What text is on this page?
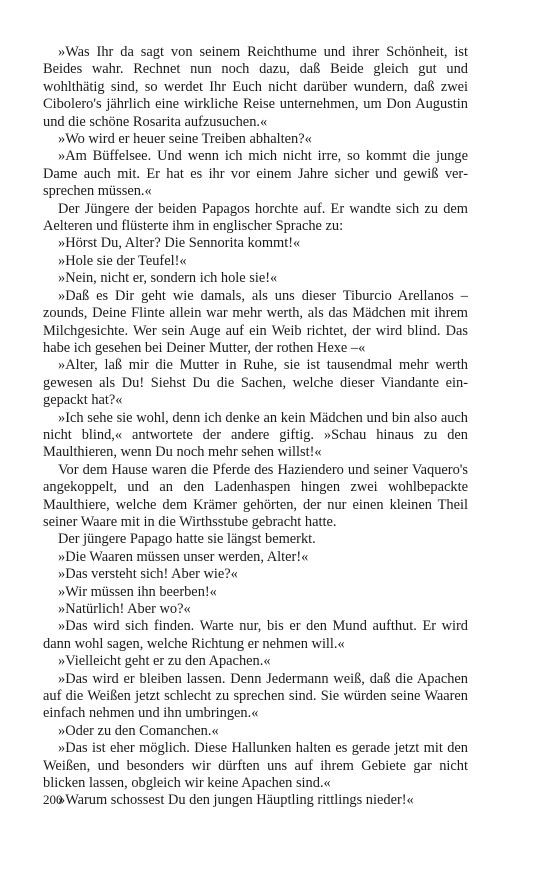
»Was Ihr da sagt von seinem Reichthume und ihrer Schönheit, ist Beides wahr. Rechnet nun noch dazu, daß Beide gleich gut und wohlthätig sind, so werdet Ihr Euch nicht darüber wundern, daß zwei Cibolero's jährlich eine wirkliche Reise unternehmen, um Don Augustin und die schöne Rosarita aufzusuchen.«

»Wo wird er heuer seine Treiben abhalten?«

»Am Büffelsee. Und wenn ich mich nicht irre, so kommt die junge Dame auch mit. Er hat es ihr vor einem Jahre sicher und gewiß versprechen müssen.«

Der Jüngere der beiden Papagos horchte auf. Er wandte sich zu dem Aelteren und flüsterte ihm in englischer Sprache zu:

»Hörst Du, Alter? Die Sennorita kommt!«

»Hole sie der Teufel!«

»Nein, nicht er, sondern ich hole sie!«

»Daß es Dir geht wie damals, als uns dieser Tiburcio Arellanos – zounds, Deine Flinte allein war mehr werth, als das Mädchen mit ihrem Milchgesichte. Wer sein Auge auf ein Weib richtet, der wird blind. Das habe ich gesehen bei Deiner Mutter, der rothen Hexe –«

»Alter, laß mir die Mutter in Ruhe, sie ist tausendmal mehr werth gewesen als Du! Siehst Du die Sachen, welche dieser Viandante eingepackt hat?«

»Ich sehe sie wohl, denn ich denke an kein Mädchen und bin also auch nicht blind,« antwortete der andere giftig. »Schau hinaus zu den Maulthieren, wenn Du noch mehr sehen willst!«

Vor dem Hause waren die Pferde des Haziendero und seiner Vaquero's angekoppelt, und an den Ladenhaspen hingen zwei wohlbepackte Maulthiere, welche dem Krämer gehörten, der nur einen kleinen Theil seiner Waare mit in die Wirthsstube gebracht hatte.

Der jüngere Papago hatte sie längst bemerkt.

»Die Waaren müssen unser werden, Alter!«

»Das versteht sich! Aber wie?«

»Wir müssen ihn beerben!«

»Natürlich! Aber wo?«

»Das wird sich finden. Warte nur, bis er den Mund aufthut. Er wird dann wohl sagen, welche Richtung er nehmen will.«

»Vielleicht geht er zu den Apachen.«

»Das wird er bleiben lassen. Denn Jedermann weiß, daß die Apachen auf die Weißen jetzt schlecht zu sprechen sind. Sie würden seine Waaren einfach nehmen und ihn umbringen.«

»Oder zu den Comanchen.«

»Das ist eher möglich. Diese Hallunken halten es gerade jetzt mit den Weißen, und besonders wir dürften uns auf ihrem Gebiete gar nicht blicken lassen, obgleich wir keine Apachen sind.«

»Warum schossest Du den jungen Häuptling rittlings nieder!«

200
